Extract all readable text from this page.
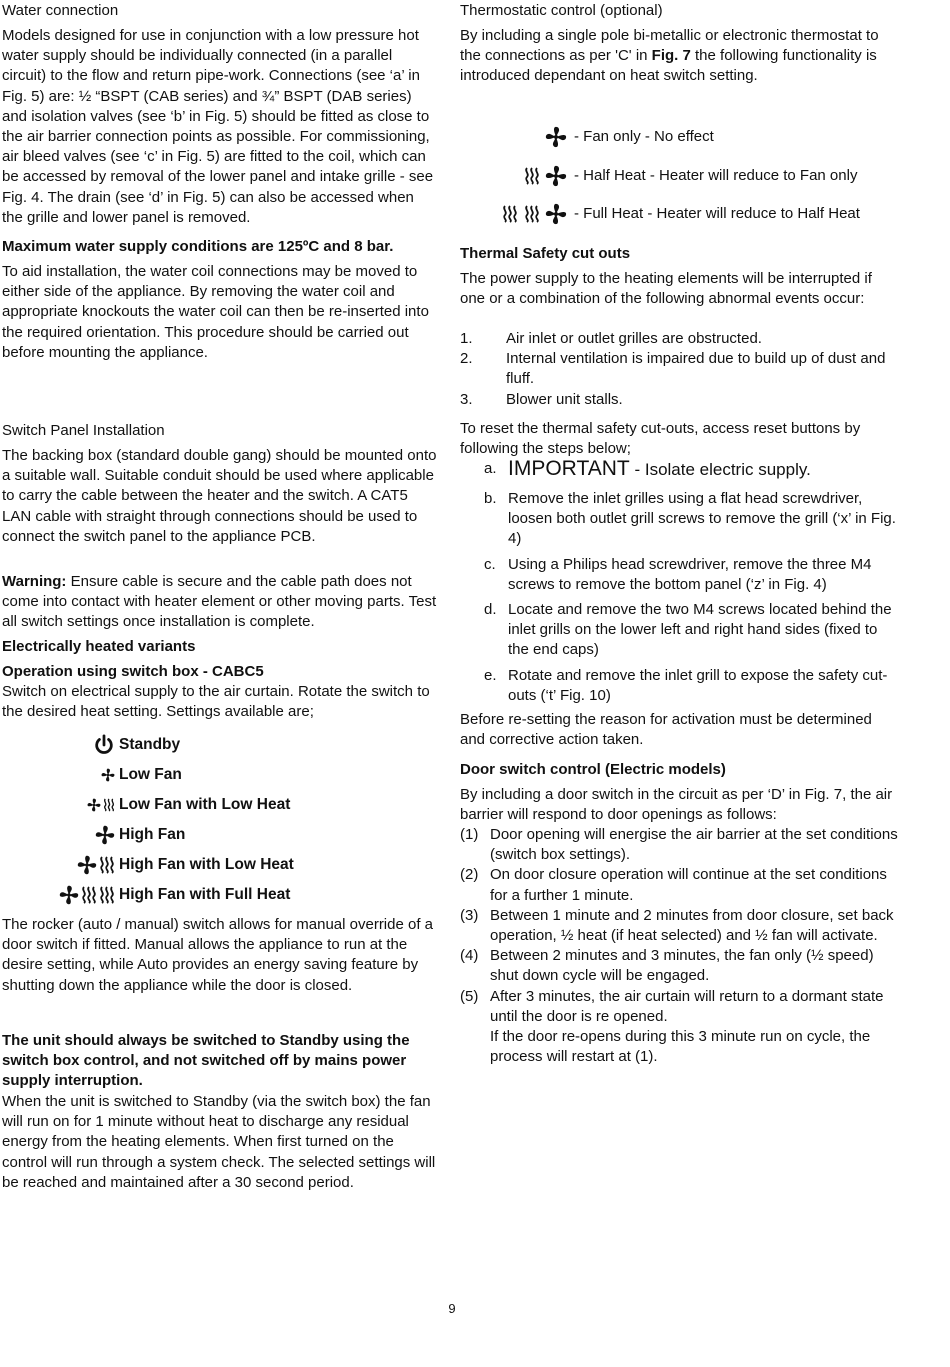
Water connection

Models designed for use in conjunction with a low pressure hot water supply should be individually connected (in a parallel circuit) to the flow and return pipe-work. Connections (see ‘a’ in Fig. 5) are: ½ “BSPT (CAB series) and ¾” BSPT (DAB series) and isolation valves (see ‘b’ in Fig. 5) should be fitted as close to the air barrier connection points as possible. For commissioning, air bleed valves (see ‘c’ in Fig. 5) are fitted to the coil, which can be accessed by removal of the lower panel and intake grille - see Fig. 4. The drain (see ‘d’ in Fig. 5) can also be accessed when the grille and lower panel is removed.

Maximum water supply conditions are 125ºC and 8 bar.

To aid installation, the water coil connections may be moved to either side of the appliance. By removing the water coil and appropriate knockouts the water coil can then be re-inserted into the required orientation. This procedure should be carried out before mounting the appliance.

Switch Panel Installation

The backing box (standard double gang) should be mounted onto a suitable wall. Suitable conduit should be used where applicable to carry the cable between the heater and the switch. A CAT5 LAN cable with straight through connections should be used to connect the switch panel to the appliance PCB.

Warning: Ensure cable is secure and the cable path does not come into contact with heater element or other moving parts. Test all switch settings once installation is complete.

Electrically heated variants

Operation using switch box - CABC5

Switch on electrical supply to the air curtain. Rotate the switch to the desired heat setting. Settings available are;

Standby
Low Fan
Low Fan with Low Heat
High Fan
High Fan with Low Heat
High Fan with Full Heat

The rocker (auto / manual) switch allows for manual override of a door switch if fitted. Manual allows the appliance to run at the desire setting, while Auto provides an energy saving feature by shutting down the appliance while the door is closed.

The unit should always be switched to Standby using the switch box control, and not switched off by mains power supply interruption.

When the unit is switched to Standby (via the switch box) the fan will run on for 1 minute without heat to discharge any residual energy from the heating elements. When first turned on the control will run through a system check. The selected settings will be reached and maintained after a 30 second period.

Thermostatic control (optional)

By including a single pole bi-metallic or electronic thermostat to the connections as per 'C' in Fig. 7 the following functionality is introduced dependant on heat switch setting.

- Fan only - No effect
- Half Heat - Heater will reduce to Fan only
- Full Heat - Heater will reduce to Half Heat

Thermal Safety cut outs

The power supply to the heating elements will be interrupted if one or a combination of the following abnormal events occur:

1. Air inlet or outlet grilles are obstructed.
2. Internal ventilation is impaired due to build up of dust and fluff.
3. Blower unit stalls.

To reset the thermal safety cut-outs, access reset buttons by following the steps below;

a. IMPORTANT - Isolate electric supply.
b. Remove the inlet grilles using a flat head screwdriver, loosen both outlet grill screws to remove the grill (‘x’ in Fig. 4)
c. Using a Philips head screwdriver, remove the three M4 screws to remove the bottom panel (‘z’ in Fig. 4)
d. Locate and remove the two M4 screws located behind the inlet grills on the lower left and right hand sides (fixed to the end caps)
e. Rotate and remove the inlet grill to expose the safety cut-outs (‘t’ Fig. 10)

Before re-setting the reason for activation must be determined and corrective action taken.

Door switch control (Electric models)

By including a door switch in the circuit as per ‘D’ in Fig. 7, the air barrier will respond to door openings as follows:

(1) Door opening will energise the air barrier at the set conditions (switch box settings).
(2) On door closure operation will continue at the set conditions for a further 1 minute.
(3) Between 1 minute and 2 minutes from door closure, set back operation, ½ heat (if heat selected) and ½ fan will activate.
(4) Between 2 minutes and 3 minutes, the fan only (½ speed) shut down cycle will be engaged.
(5) After 3 minutes, the air curtain will return to a dormant state until the door is re opened.
If the door re-opens during this 3 minute run on cycle, the process will restart at (1).
9
